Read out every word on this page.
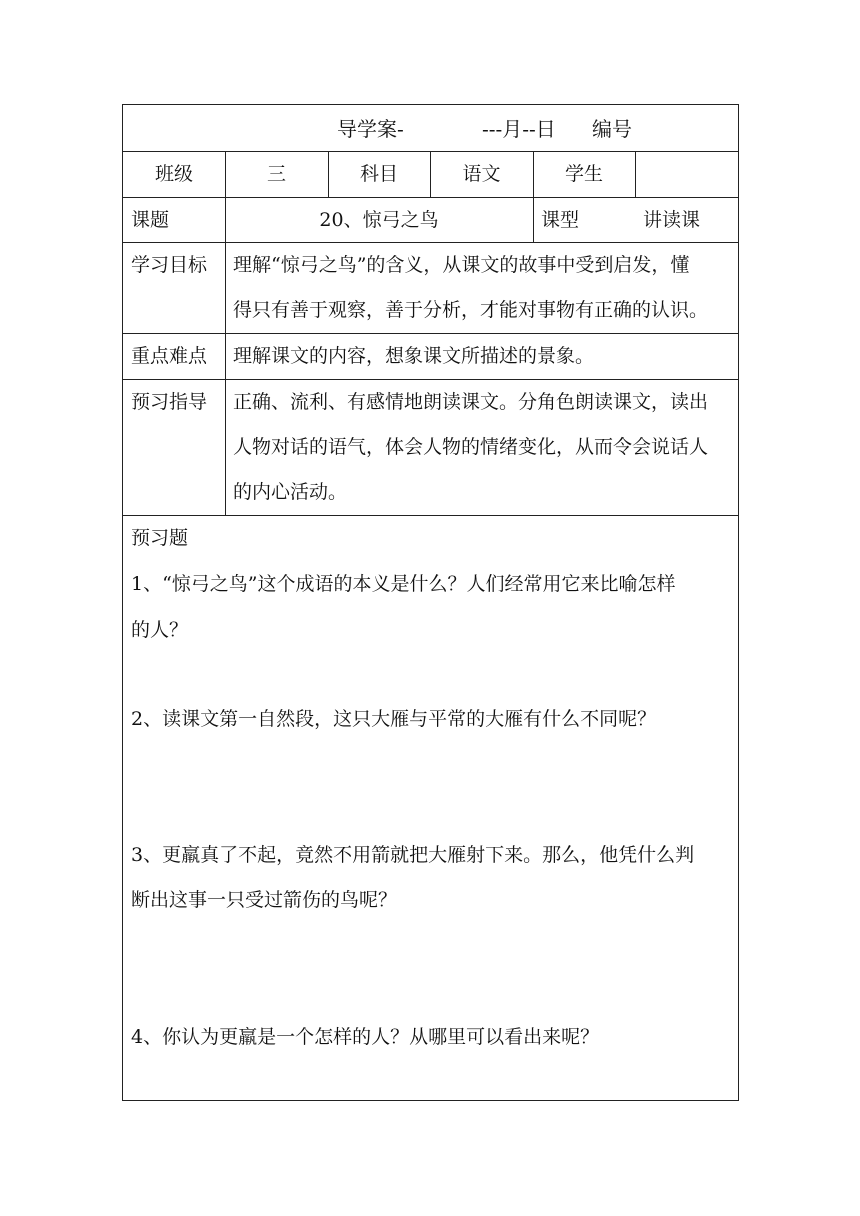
导学案-	---月--日 编号
班级	三	科目	语文	学生
课题	20、惊弓之鸟	课型	讲读课
学习目标 理解“惊弓之鸟”的含义，从课文的故事中受到启发，懂
得只有善于观察，善于分析，才能对事物有正确的认识。
重点难点 理解课文的内容，想象课文所描述的景象。
预习指导 正确、流利、有感情地朗读课文。分角色朗读课文，读出
人物对话的语气，体会人物的情绪变化，从而令会说话人
的内心活动。
预习题
1、“惊弓之鸟”这个成语的本义是什么？人们经常用它来比喻怎样
的人？
2、读课文第一自然段，这只大雁与平常的大雁有什么不同呢？
3、更羸真了不起，竟然不用箭就把大雁射下来。那么，他凭什么判
断出这事一只受过箭伤的鸟呢？
4、你认为更羸是一个怎样的人？从哪里可以看出来呢？
